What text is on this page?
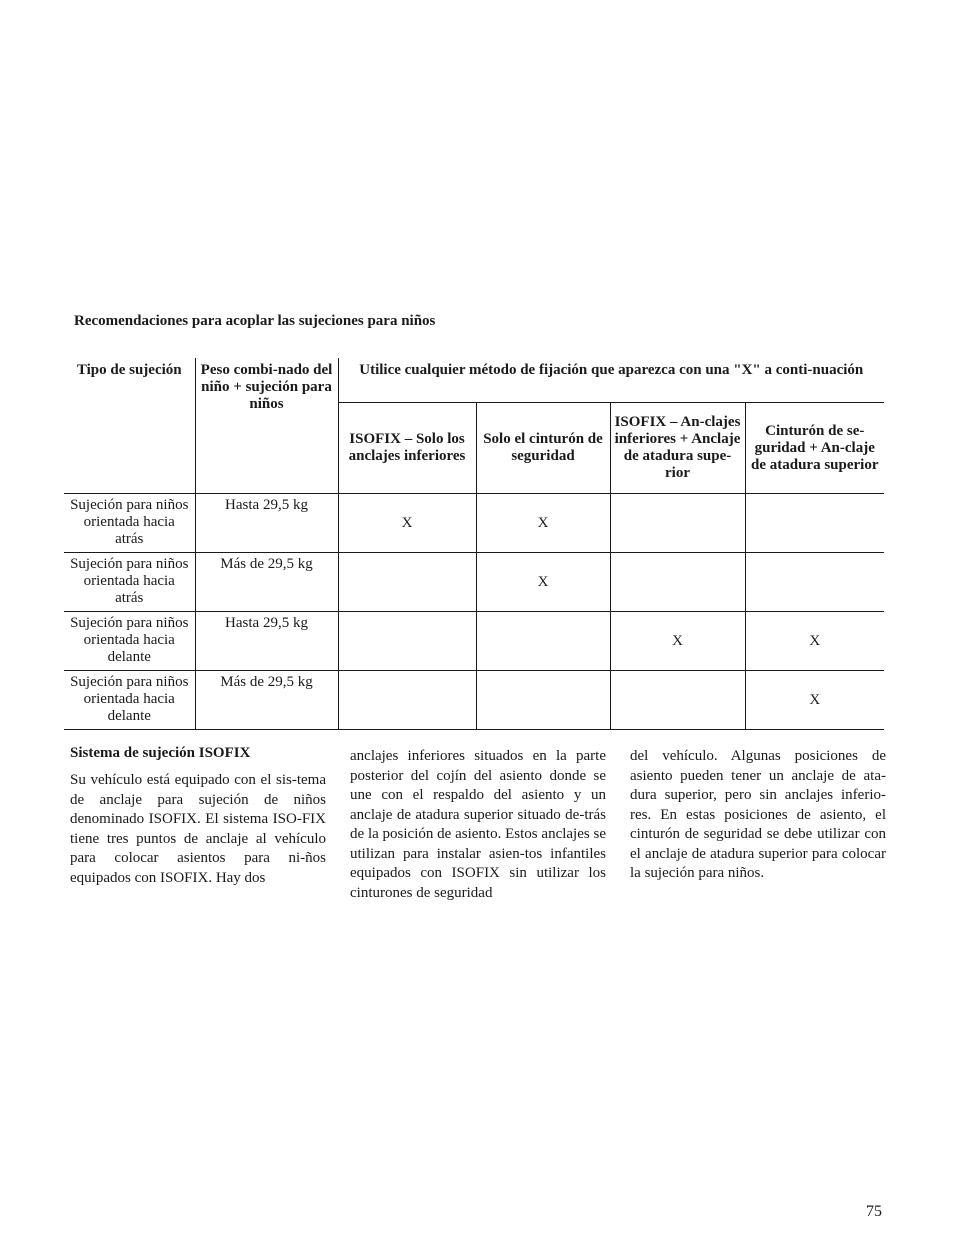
Recomendaciones para acoplar las sujeciones para niños
Tipo de sujeción	Peso combi-nado del niño + sujeción para niños	Utilice cualquier método de fijación que aparezca con una "X" a conti-nuación			
		ISOFIX – Solo los anclajes inferiores	Solo el cinturón de seguridad	ISOFIX – An-clajes inferiores + Anclaje de atadura supe-rior	Cinturón de se-guridad + An-claje de atadura superior
Sujeción para niños orientada hacia atrás	Hasta 29,5 kg	X	X		
Sujeción para niños orientada hacia atrás	Más de 29,5 kg		X		
Sujeción para niños orientada hacia delante	Hasta 29,5 kg			X	X
Sujeción para niños orientada hacia delante	Más de 29,5 kg				X
Sistema de sujeción ISOFIX

Su vehículo está equipado con el sis-tema de anclaje para sujeción de niños denominado ISOFIX. El sistema ISO-FIX tiene tres puntos de anclaje al vehículo para colocar asientos para ni-ños equipados con ISOFIX. Hay dos

anclajes inferiores situados en la parte posterior del cojín del asiento donde se une con el respaldo del asiento y un anclaje de atadura superior situado de-trás de la posición de asiento. Estos anclajes se utilizan para instalar asien-tos infantiles equipados con ISOFIX sin utilizar los cinturones de seguridad

del vehículo. Algunas posiciones de asiento pueden tener un anclaje de ata-dura superior, pero sin anclajes inferio-res. En estas posiciones de asiento, el cinturón de seguridad se debe utilizar con el anclaje de atadura superior para colocar la sujeción para niños.

75
